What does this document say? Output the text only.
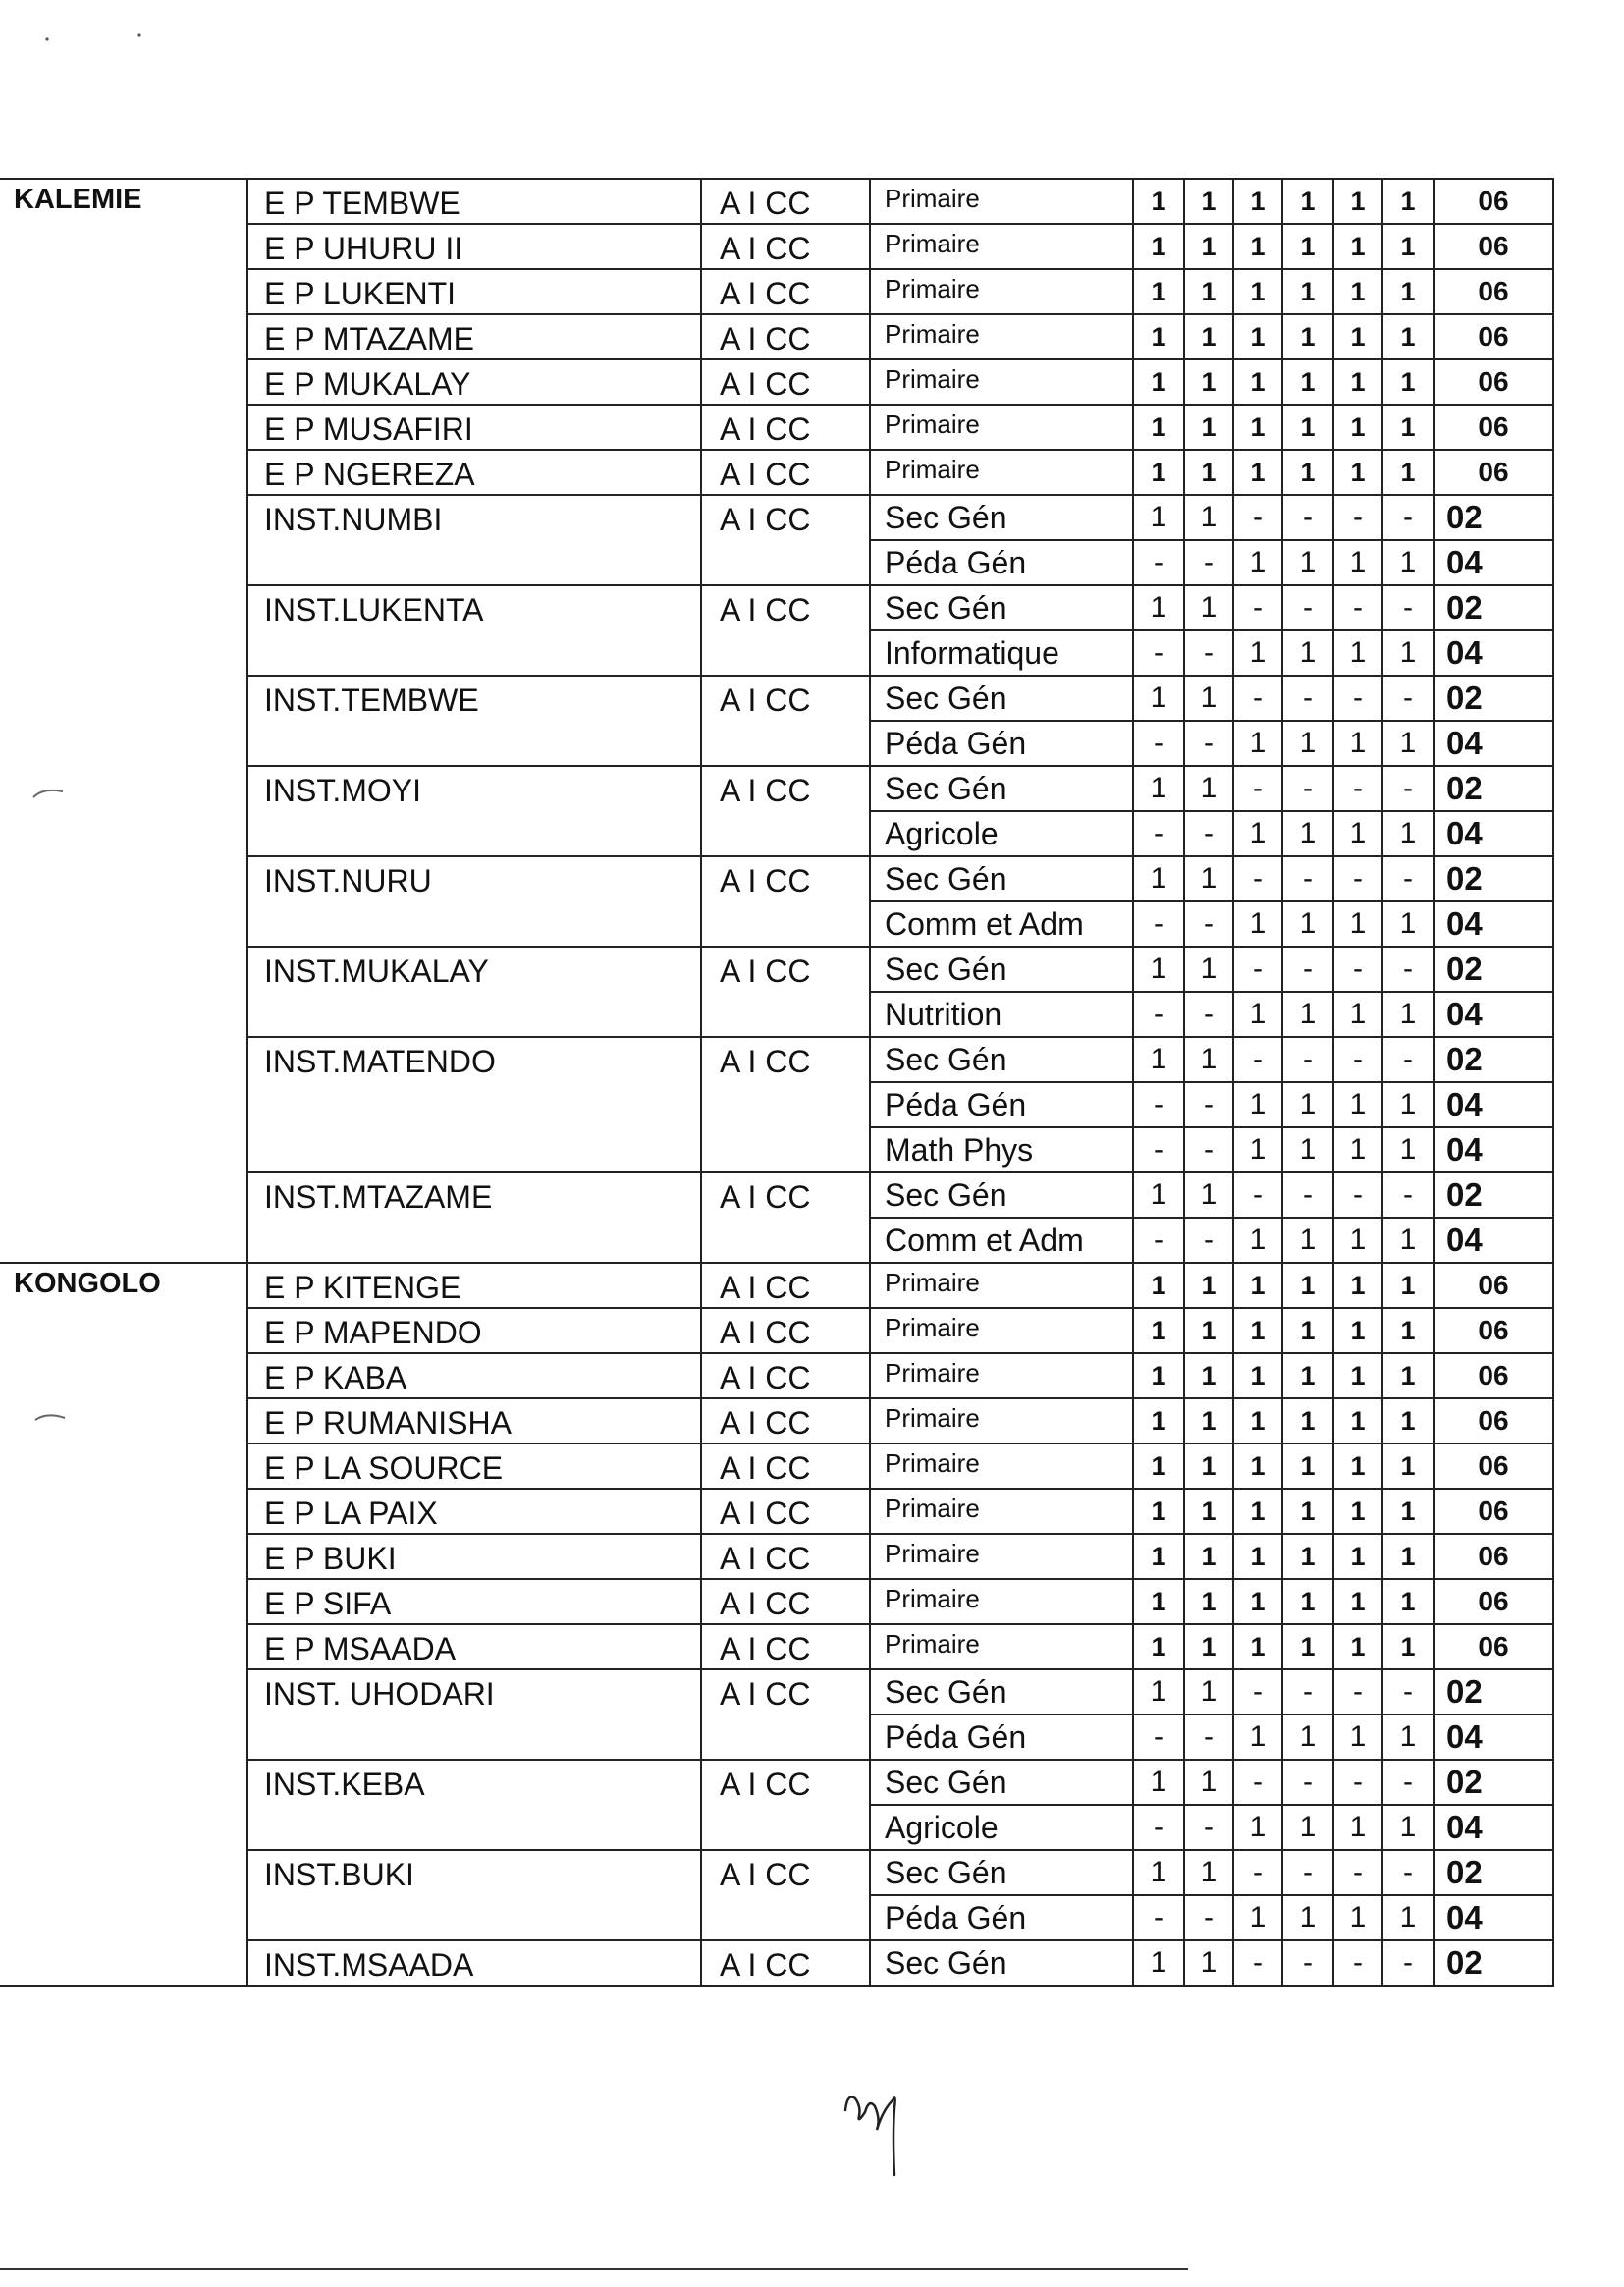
KALEMIE	E P TEMBWE	A I CC	Primaire	1	1	1	1	1	1	06
	E P UHURU II	A I CC	Primaire	1	1	1	1	1	1	06
	E P LUKENTI	A I CC	Primaire	1	1	1	1	1	1	06
	E P MTAZAME	A I CC	Primaire	1	1	1	1	1	1	06
	E P MUKALAY	A I CC	Primaire	1	1	1	1	1	1	06
	E P MUSAFIRI	A I CC	Primaire	1	1	1	1	1	1	06
	E P NGEREZA	A I CC	Primaire	1	1	1	1	1	1	06
	INST.NUMBI	A I CC	Sec Gén	1	1	-	-	-	-	02
			Péda Gén	-	-	1	1	1	1	04
	INST.LUKENTA	A I CC	Sec Gén	1	1	-	-	-	-	02
			Informatique	-	-	1	1	1	1	04
	INST.TEMBWE	A I CC	Sec Gén	1	1	-	-	-	-	02
			Péda Gén	-	-	1	1	1	1	04
	INST.MOYI	A I CC	Sec Gén	1	1	-	-	-	-	02
			Agricole	-	-	1	1	1	1	04
	INST.NURU	A I CC	Sec Gén	1	1	-	-	-	-	02
			Comm et Adm	-	-	1	1	1	1	04
	INST.MUKALAY	A I CC	Sec Gén	1	1	-	-	-	-	02
			Nutrition	-	-	1	1	1	1	04
	INST.MATENDO	A I CC	Sec Gén	1	1	-	-	-	-	02
			Péda Gén	-	-	1	1	1	1	04
			Math Phys	-	-	1	1	1	1	04
	INST.MTAZAME	A I CC	Sec Gén	1	1	-	-	-	-	02
			Comm et Adm	-	-	1	1	1	1	04
KONGOLO	E P KITENGE	A I CC	Primaire	1	1	1	1	1	1	06
	E P MAPENDO	A I CC	Primaire	1	1	1	1	1	1	06
	E P KABA	A I CC	Primaire	1	1	1	1	1	1	06
	E P RUMANISHA	A I CC	Primaire	1	1	1	1	1	1	06
	E P LA SOURCE	A I CC	Primaire	1	1	1	1	1	1	06
	E P LA PAIX	A I CC	Primaire	1	1	1	1	1	1	06
	E P BUKI	A I CC	Primaire	1	1	1	1	1	1	06
	E P SIFA	A I CC	Primaire	1	1	1	1	1	1	06
	E P MSAADA	A I CC	Primaire	1	1	1	1	1	1	06
	INST. UHODARI	A I CC	Sec Gén	1	1	-	-	-	-	02
			Péda Gén	-	-	1	1	1	1	04
	INST.KEBA	A I CC	Sec Gén	1	1	-	-	-	-	02
			Agricole	-	-	1	1	1	1	04
	INST.BUKI	A I CC	Sec Gén	1	1	-	-	-	-	02
			Péda Gén	-	-	1	1	1	1	04
	INST.MSAADA	A I CC	Sec Gén	1	1	-	-	-	-	02
